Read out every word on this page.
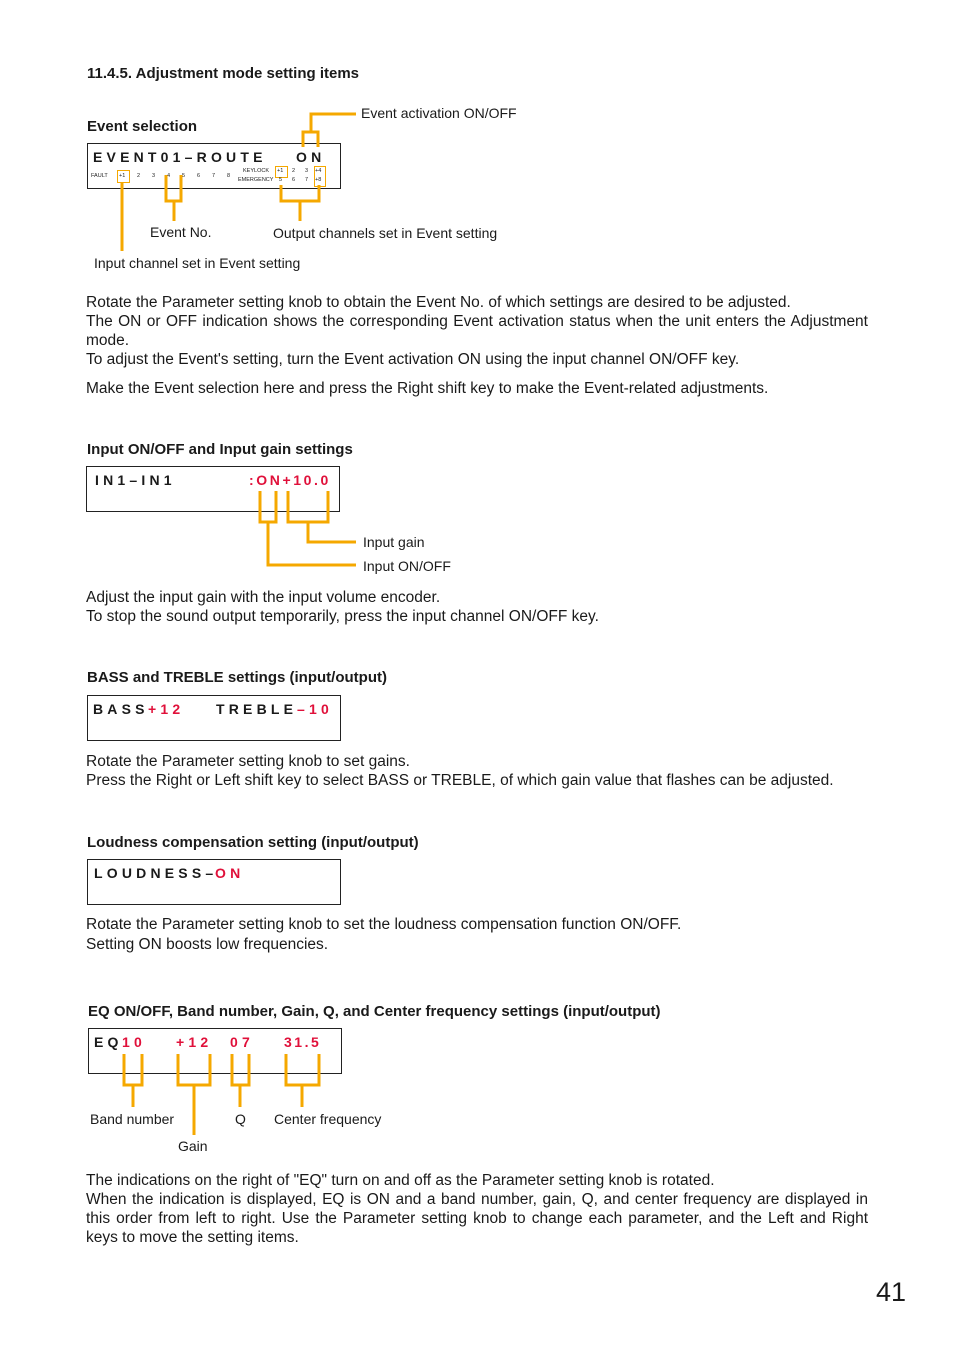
11.4.5. Adjustment mode setting items
Event selection
EVENT01–ROUTE ON
FAULT +1 2 3 4 5 6 7 8
KEYLOCK
EMERGENCY
+1 2 3 +4
5 6 7 +8
Input ON/OFF and Input gain settings
IN1–IN1	:ON+10.0
BASS and TREBLE settings (input/output)
BASS +12 TREBLE –10
Loudness compensation setting (input/output)
LOUDNESS–
ON
EQ ON/OFF, Band number, Gain, Q, and Center frequency settings (input/output)
EQ 10 +12 07 31.5
Event activation ON/OFF
Event No.	Output channels set in Event setting
Input channel set in Event setting
Input gain
Input ON/OFF
Band number	Q Center frequency
Gain
Rotate the Parameter setting knob to obtain the Event No. of which settings are desired to be adjusted.
The ON or OFF indication shows the corresponding Event activation status when the unit enters the Adjustment mode.
To adjust the Event's setting, turn the Event activation ON using the input channel ON/OFF key.
Make the Event selection here and press the Right shift key to make the Event-related adjustments.
Adjust the input gain with the input volume encoder.
To stop the sound output temporarily, press the input channel ON/OFF key.
Rotate the Parameter setting knob to set gains.
Press the Right or Left shift key to select BASS or TREBLE, of which gain value that flashes can be adjusted.
Rotate the Parameter setting knob to set the loudness compensation function ON/OFF.
Setting ON boosts low frequencies.
The indications on the right of "EQ" turn on and off as the Parameter setting knob is rotated.
When the indication is displayed, EQ is ON and a band number, gain, Q, and center frequency are displayed in this order from left to right. Use the Parameter setting knob to change each parameter, and the Left and Right keys to move the setting items.
41
